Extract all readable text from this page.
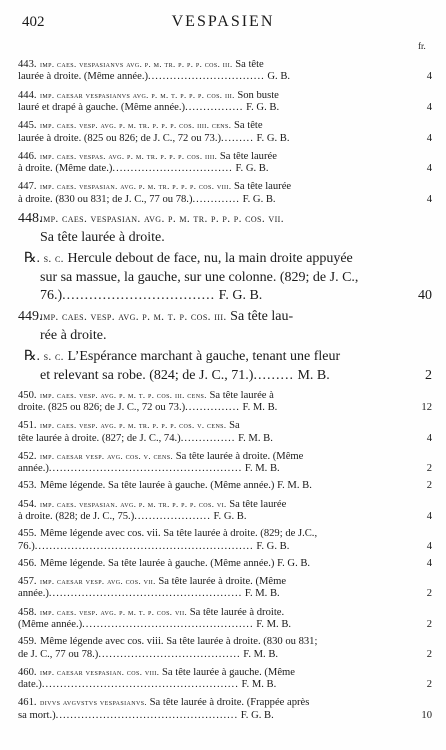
402	VESPASIEN
fr.
443. imp. caes. vespasianvs avg. p. m. tr. p. p. p. cos. iii. Sa tête
laurée à droite. (Même année.)................................ G. B.	4
444. imp. caesar vespasianvs avg. p. m. t. p. p. p. cos. iii. Son buste
lauré et drapé à gauche. (Même année.)................ F. G. B.	4
445. imp. caes. vesp. avg. p. m. tr. p. p. p. cos. iiii. cens. Sa tête
laurée à droite. (825 ou 826; de J. C., 72 ou 73.)......... F. G. B.	4
446. imp. caes. vespas. avg. p. m. tr. p. p. p. cos. iiii. Sa tête laurée
à droite. (Même date.)................................. F. G. B.	4
447. imp. caes. vespasian. avg. p. m. tr. p. p. p. cos. viii. Sa tête laurée
à droite. (830 ou 831; de J. C., 77 ou 78.)............. F. G. B.	4
448.imp. caes. vespasian. avg. p. m. tr. p. p. p. cos. vii.
Sa tête laurée à droite.
℞. s. c. Hercule debout de face, nu, la main droite appuyée
sur sa massue, la gauche, sur une colonne. (829; de J. C.,
76.).................................. F. G. B.	40
449.imp. caes. vesp. avg. p. m. t. p. cos. iii. Sa tête lau-
rée à droite.
℞. s. c. L’Espérance marchant à gauche, tenant une fleur
et relevant sa robe. (824; de J. C., 71.)......... M. B.	2
450. imp. caes. vesp. avg. p. m. t. p. cos. iii. cens. Sa tête laurée à
droite. (825 ou 826; de J. C., 72 ou 73.)............... F. M. B.	12
451. imp. caes. vesp. avg. p. m. tr. p. p. p. cos. v. cens. Sa
tête laurée à droite. (827; de J. C., 74.)............... F. M. B.	4
452. imp. caesar vesp. avg. cos. v. cens. Sa tête laurée à droite. (Même
année.)..................................................... F. M. B.	2
453. Même légende. Sa tête laurée à gauche. (Même année.) F. M. B.	2
454. imp. caes. vespasian. avg. p. m. tr. p. p. p. cos. vi. Sa tête laurée
à droite. (828; de J. C., 75.)..................... F. G. B.	4
455. Même légende avec cos. vii. Sa tête laurée à droite. (829; de J.C.,
76.)............................................................ F. G. B.	4
456. Même légende. Sa tête laurée à gauche. (Même année.) F. G. B.	4
457. imp. caesar vesp. avg. cos. vii. Sa tête laurée à droite. (Même
année.)..................................................... F. M. B.	2
458. imp. caes. vesp. avg. p. m. t. p. cos. vii. Sa tête laurée à droite.
(Même année.)............................................... F. M. B.	2
459. Même légende avec cos. viii. Sa tête laurée à droite. (830 ou 831;
de J. C., 77 ou 78.)....................................... F. M. B.	2
460. imp. caesar vespasian. cos. viii. Sa tête laurée à gauche. (Même
date.)...................................................... F. M. B.	2
461. divvs avgvstvs vespasianvs. Sa tête laurée à droite. (Frappée après
sa mort.).................................................. F. G. B.	10
